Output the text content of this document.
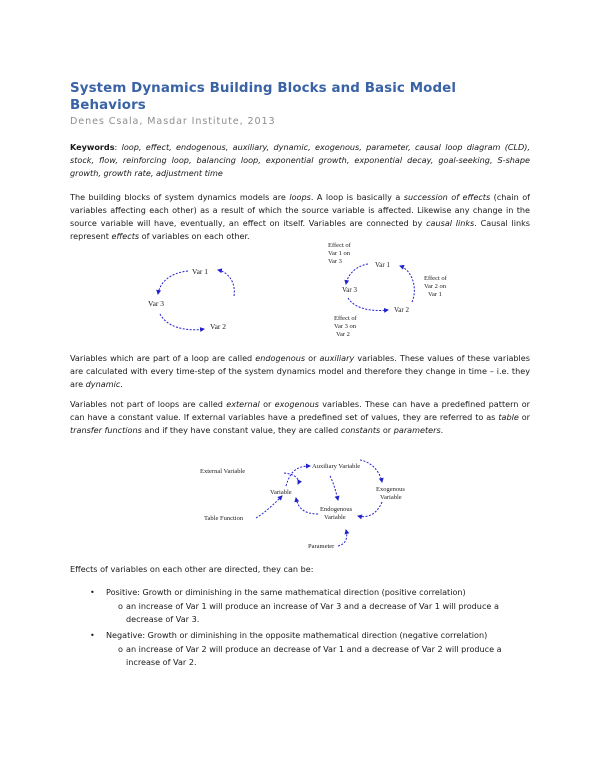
System Dynamics Building Blocks and Basic Model Behaviors
Denes Csala, Masdar Institute, 2013

Keywords: loop, effect, endogenous, auxiliary, dynamic, exogenous, parameter, causal loop diagram (CLD), stock, flow, reinforcing loop, balancing loop, exponential growth, exponential decay, goal-seeking, S-shape growth, growth rate, adjustment time

The building blocks of system dynamics models are loops. A loop is basically a succession of effects (chain of variables affecting each other) as a result of which the source variable is affected. Likewise any change in the source variable will have, eventually, an effect on itself. Variables are connected by causal links. Causal links represent effects of variables on each other.

Var 1
Var 3
Var 2
Var 1
Var 3
Var 2
Effect of
Var 1 on
Var 3
Effect of
Var 2 on
Var 1
Effect of
Var 3 on
Var 2

Variables which are part of a loop are called endogenous or auxiliary variables. These values of these variables are calculated with every time-step of the system dynamics model and therefore they change in time – i.e. they are dynamic.

Variables not part of loops are called external or exogenous variables. These can have a predefined pattern or can have a constant value. If external variables have a predefined set of values, they are referred to as table or transfer functions and if they have constant value, they are called constants or parameters.

External Variable
Variable
Auxiliary Variable
Exogenous
Variable
Endogenous
Variable
Table Function
Parameter

Effects of variables on each other are directed, they can be:

• Positive: Growth or diminishing in the same mathematical direction (positive correlation)
o an increase of Var 1 will produce an increase of Var 3 and a decrease of Var 1 will produce a decrease of Var 3.
• Negative: Growth or diminishing in the opposite mathematical direction (negative correlation)
o an increase of Var 2 will produce an decrease of Var 1 and a decrease of Var 2 will produce a increase of Var 2.
